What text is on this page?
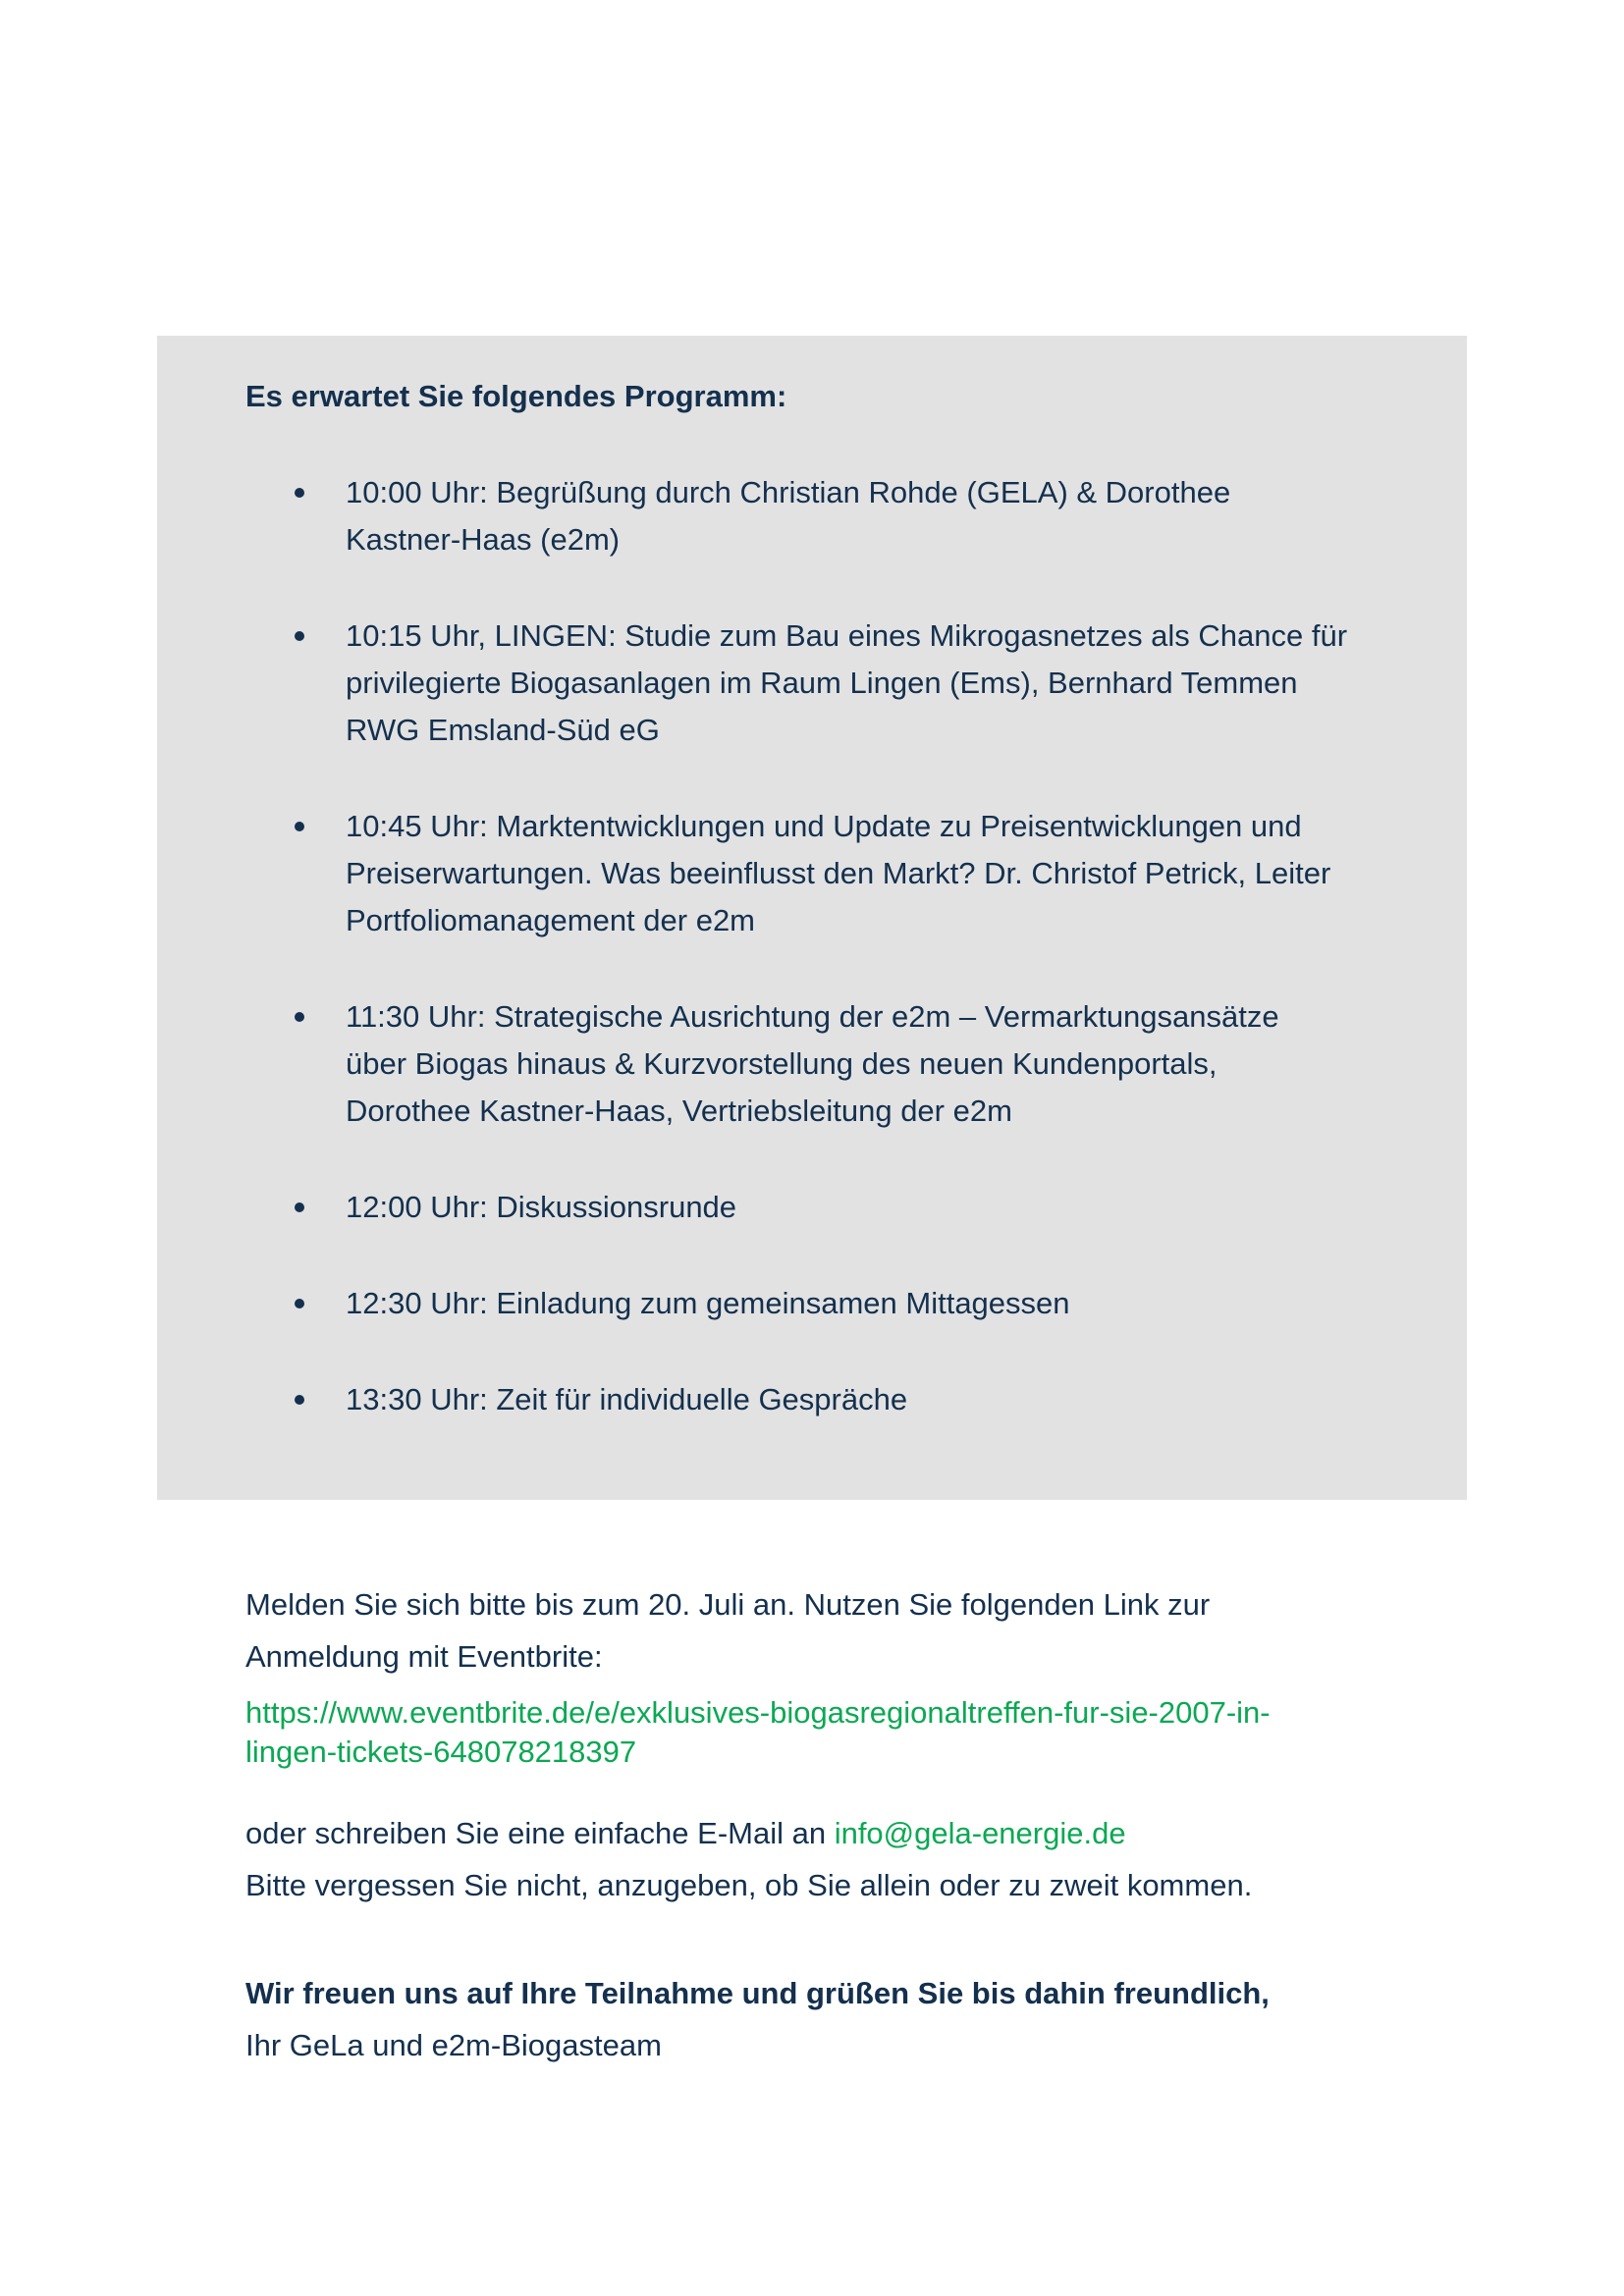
Es erwartet Sie folgendes Programm:
10:00 Uhr: Begrüßung durch Christian Rohde (GELA) & Dorothee
Kastner-Haas (e2m)
10:15 Uhr, LINGEN: Studie zum Bau eines Mikrogasnetzes als Chance für
privilegierte Biogasanlagen im Raum Lingen (Ems), Bernhard Temmen
RWG Emsland-Süd eG
10:45 Uhr: Marktentwicklungen und Update zu Preisentwicklungen und
Preiserwartungen. Was beeinflusst den Markt? Dr. Christof Petrick, Leiter
Portfoliomanagement der e2m
11:30 Uhr: Strategische Ausrichtung der e2m – Vermarktungsansätze
über Biogas hinaus & Kurzvorstellung des neuen Kundenportals,
Dorothee Kastner-Haas, Vertriebsleitung der e2m
12:00 Uhr: Diskussionsrunde
12:30 Uhr: Einladung zum gemeinsamen Mittagessen
13:30 Uhr: Zeit für individuelle Gespräche
Melden Sie sich bitte bis zum 20. Juli an. Nutzen Sie folgenden Link zur
Anmeldung mit Eventbrite:
https://www.eventbrite.de/e/exklusives-biogasregionaltreffen-fur-sie-2007-in-
lingen-tickets-648078218397
oder schreiben Sie eine einfache E-Mail an info@gela-energie.de
Bitte vergessen Sie nicht, anzugeben, ob Sie allein oder zu zweit kommen.
Wir freuen uns auf Ihre Teilnahme und grüßen Sie bis dahin freundlich,
Ihr GeLa und e2m-Biogasteam
